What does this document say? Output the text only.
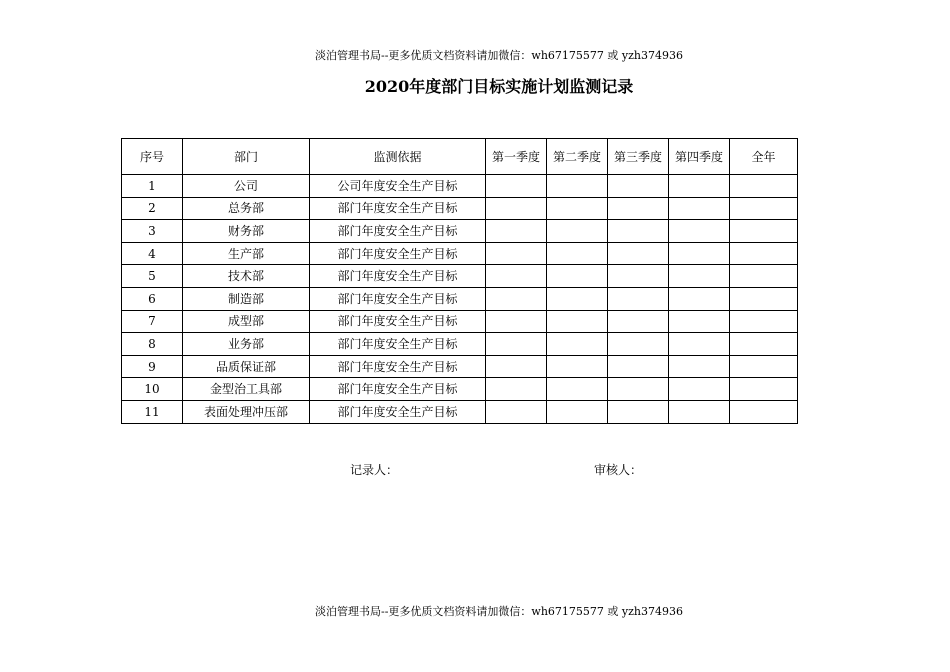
淡泊管理书局--更多优质文档资料请加微信：wh67175577 或 yzh374936
2020年度部门目标实施计划监测记录
序号	部门	监测依据	第一季度	第二季度	第三季度	第四季度	全年
1	公司	公司年度安全生产目标					
2	总务部	部门年度安全生产目标					
3	财务部	部门年度安全生产目标					
4	生产部	部门年度安全生产目标					
5	技术部	部门年度安全生产目标					
6	制造部	部门年度安全生产目标					
7	成型部	部门年度安全生产目标					
8	业务部	部门年度安全生产目标					
9	品质保证部	部门年度安全生产目标					
10	金型治工具部	部门年度安全生产目标					
11	表面处理冲压部	部门年度安全生产目标					
记录人：	审核人：
淡泊管理书局--更多优质文档资料请加微信：wh67175577 或 yzh374936
